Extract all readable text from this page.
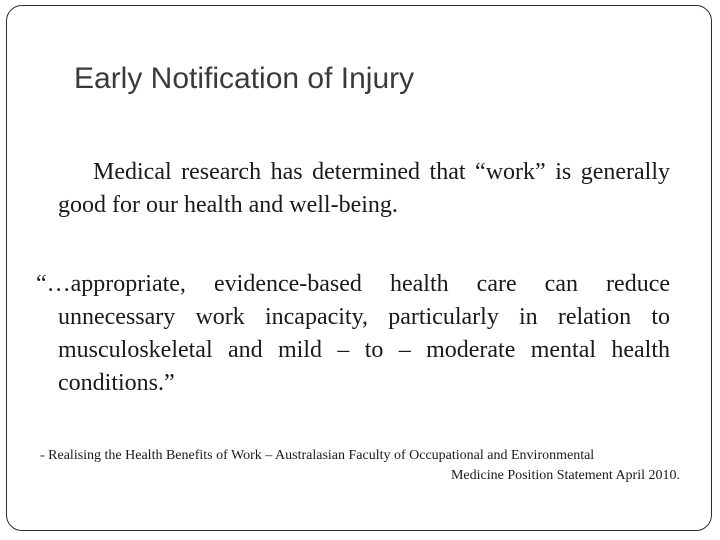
Early Notification of Injury

Medical research has determined that “work” is generally good for our health and well-being.

“…appropriate, evidence-based health care can reduce unnecessary work incapacity, particularly in relation to musculoskeletal and mild – to – moderate mental health conditions.”

- Realising the Health Benefits of Work – Australasian Faculty of Occupational and Environmental
Medicine Position Statement April 2010.
